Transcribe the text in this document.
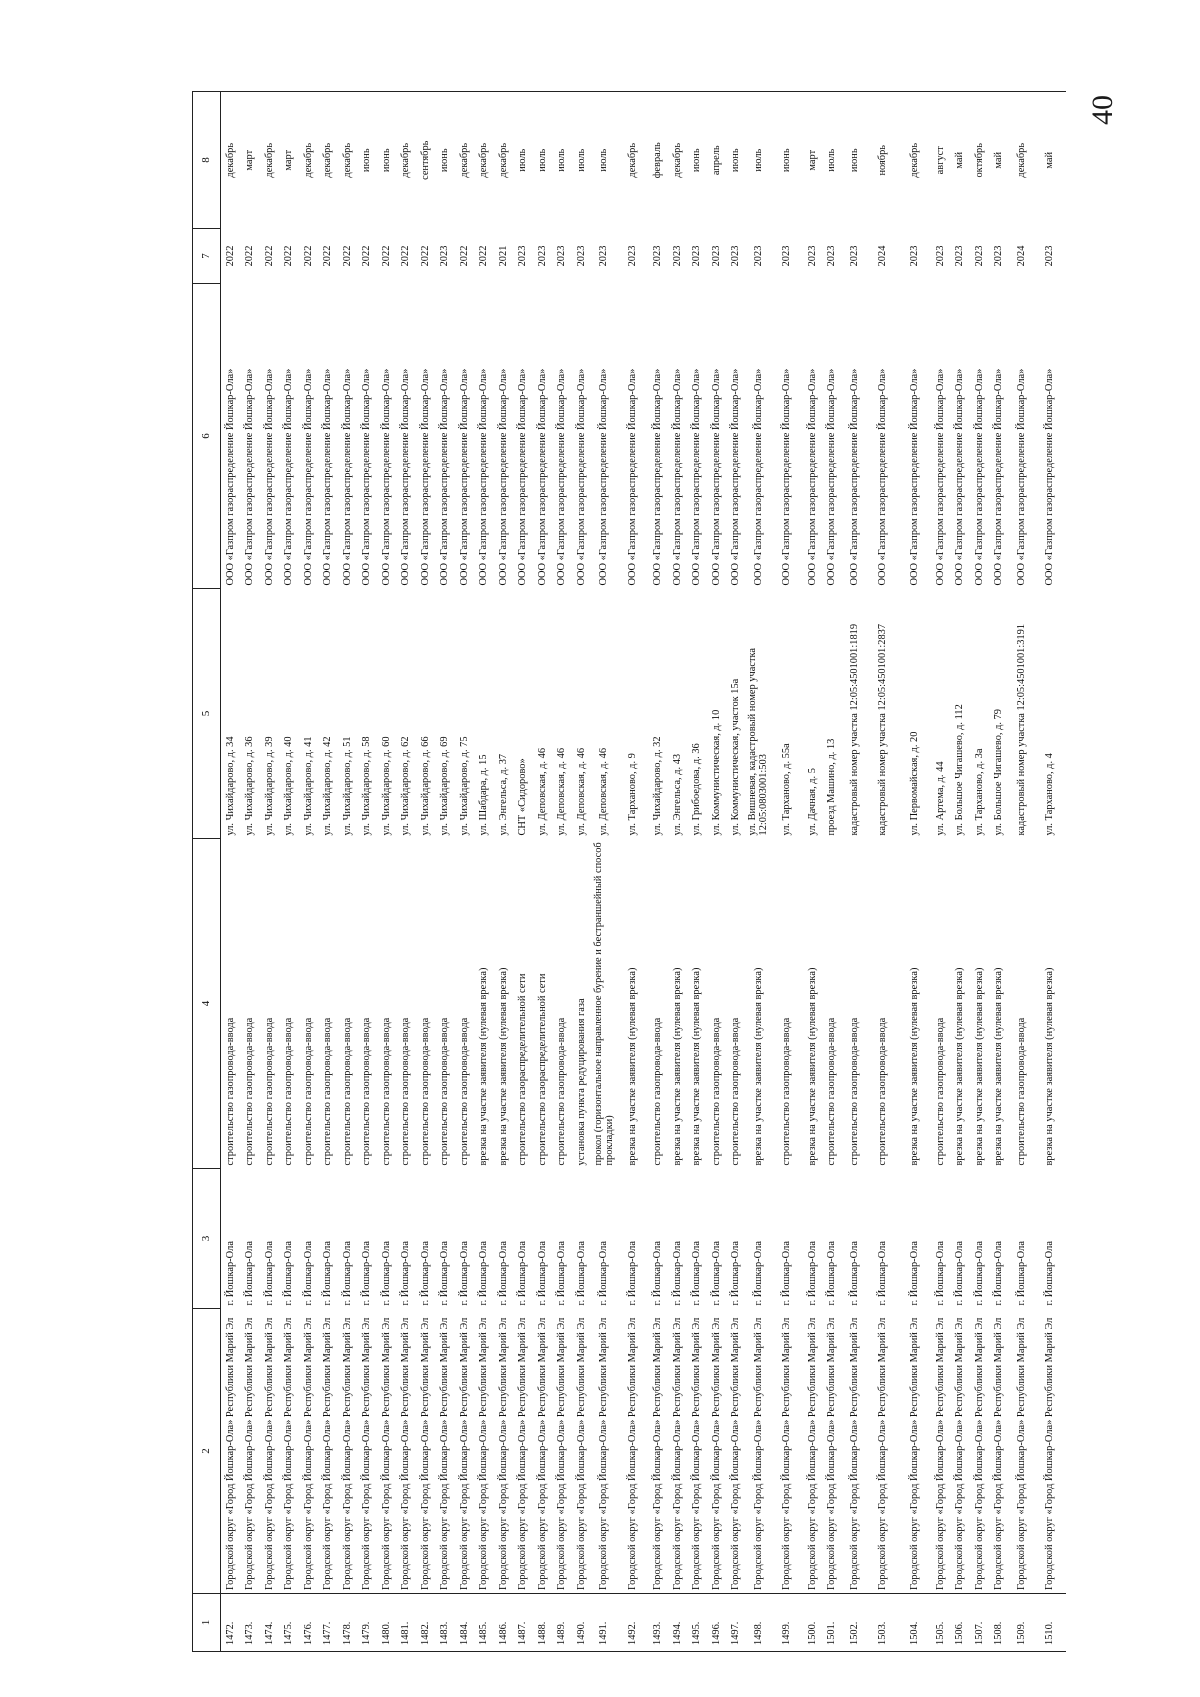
40
1	2	3	4	5	6	7	8
1472.	Городской округ «Город Йошкар-Ола» Республики Марий Эл	г. Йошкар-Ола	строительство газопровода-ввода	ул. Чихайдарово, д. 34	ООО «Газпром газораспределение Йошкар-Ола»	2022	декабрь
1473.	Городской округ «Город Йошкар-Ола» Республики Марий Эл	г. Йошкар-Ола	строительство газопровода-ввода	ул. Чихайдарово, д. 36	ООО «Газпром газораспределение Йошкар-Ола»	2022	март
1474.	Городской округ «Город Йошкар-Ола» Республики Марий Эл	г. Йошкар-Ола	строительство газопровода-ввода	ул. Чихайдарово, д. 39	ООО «Газпром газораспределение Йошкар-Ола»	2022	декабрь
1475.	Городской округ «Город Йошкар-Ола» Республики Марий Эл	г. Йошкар-Ола	строительство газопровода-ввода	ул. Чихайдарово, д. 40	ООО «Газпром газораспределение Йошкар-Ола»	2022	март
1476.	Городской округ «Город Йошкар-Ола» Республики Марий Эл	г. Йошкар-Ола	строительство газопровода-ввода	ул. Чихайдарово, д. 41	ООО «Газпром газораспределение Йошкар-Ола»	2022	декабрь
1477.	Городской округ «Город Йошкар-Ола» Республики Марий Эл	г. Йошкар-Ола	строительство газопровода-ввода	ул. Чихайдарово, д. 42	ООО «Газпром газораспределение Йошкар-Ола»	2022	декабрь
1478.	Городской округ «Город Йошкар-Ола» Республики Марий Эл	г. Йошкар-Ола	строительство газопровода-ввода	ул. Чихайдарово, д. 51	ООО «Газпром газораспределение Йошкар-Ола»	2022	декабрь
1479.	Городской округ «Город Йошкар-Ола» Республики Марий Эл	г. Йошкар-Ола	строительство газопровода-ввода	ул. Чихайдарово, д. 58	ООО «Газпром газораспределение Йошкар-Ола»	2022	июнь
1480.	Городской округ «Город Йошкар-Ола» Республики Марий Эл	г. Йошкар-Ола	строительство газопровода-ввода	ул. Чихайдарово, д. 60	ООО «Газпром газораспределение Йошкар-Ола»	2022	июнь
1481.	Городской округ «Город Йошкар-Ола» Республики Марий Эл	г. Йошкар-Ола	строительство газопровода-ввода	ул. Чихайдарово, д. 62	ООО «Газпром газораспределение Йошкар-Ола»	2022	декабрь
1482.	Городской округ «Город Йошкар-Ола» Республики Марий Эл	г. Йошкар-Ола	строительство газопровода-ввода	ул. Чихайдарово, д. 66	ООО «Газпром газораспределение Йошкар-Ола»	2022	сентябрь
1483.	Городской округ «Город Йошкар-Ола» Республики Марий Эл	г. Йошкар-Ола	строительство газопровода-ввода	ул. Чихайдарово, д. 69	ООО «Газпром газораспределение Йошкар-Ола»	2023	июнь
1484.	Городской округ «Город Йошкар-Ола» Республики Марий Эл	г. Йошкар-Ола	строительство газопровода-ввода	ул. Чихайдарово, д. 75	ООО «Газпром газораспределение Йошкар-Ола»	2022	декабрь
1485.	Городской округ «Город Йошкар-Ола» Республики Марий Эл	г. Йошкар-Ола	врезка на участке заявителя (нулевая врезка)	ул. Шабдара, д. 15	ООО «Газпром газораспределение Йошкар-Ола»	2022	декабрь
1486.	Городской округ «Город Йошкар-Ола» Республики Марий Эл	г. Йошкар-Ола	врезка на участке заявителя (нулевая врезка)	ул. Энгельса, д. 37	ООО «Газпром газораспределение Йошкар-Ола»	2021	декабрь
1487.	Городской округ «Город Йошкар-Ола» Республики Марий Эл	г. Йошкар-Ола	строительство газораспределительной сети	СНТ «Сидорово»	ООО «Газпром газораспределение Йошкар-Ола»	2023	июль
1488.	Городской округ «Город Йошкар-Ола» Республики Марий Эл	г. Йошкар-Ола	строительство газораспределительной сети	ул. Деповская, д. 46	ООО «Газпром газораспределение Йошкар-Ола»	2023	июль
1489.	Городской округ «Город Йошкар-Ола» Республики Марий Эл	г. Йошкар-Ола	строительство газопровода-ввода	ул. Деповская, д. 46	ООО «Газпром газораспределение Йошкар-Ола»	2023	июль
1490.	Городской округ «Город Йошкар-Ола» Республики Марий Эл	г. Йошкар-Ола	установка пункта редуцирования газа	ул. Деповская, д. 46	ООО «Газпром газораспределение Йошкар-Ола»	2023	июль
1491.	Городской округ «Город Йошкар-Ола» Республики Марий Эл	г. Йошкар-Ола	прокол (горизонтальное направленное бурение и бестраншейный способ прокладки)	ул. Деповская, д. 46	ООО «Газпром газораспределение Йошкар-Ола»	2023	июль
1492.	Городской округ «Город Йошкар-Ола» Республики Марий Эл	г. Йошкар-Ола	врезка на участке заявителя (нулевая врезка)	ул. Тарханово, д. 9	ООО «Газпром газораспределение Йошкар-Ола»	2023	декабрь
1493.	Городской округ «Город Йошкар-Ола» Республики Марий Эл	г. Йошкар-Ола	строительство газопровода-ввода	ул. Чихайдарово, д. 32	ООО «Газпром газораспределение Йошкар-Ола»	2023	февраль
1494.	Городской округ «Город Йошкар-Ола» Республики Марий Эл	г. Йошкар-Ола	врезка на участке заявителя (нулевая врезка)	ул. Энгельса, д. 43	ООО «Газпром газораспределение Йошкар-Ола»	2023	декабрь
1495.	Городской округ «Город Йошкар-Ола» Республики Марий Эл	г. Йошкар-Ола	врезка на участке заявителя (нулевая врезка)	ул. Грибоедова, д. 36	ООО «Газпром газораспределение Йошкар-Ола»	2023	июнь
1496.	Городской округ «Город Йошкар-Ола» Республики Марий Эл	г. Йошкар-Ола	строительство газопровода-ввода	ул. Коммунистическая, д. 10	ООО «Газпром газораспределение Йошкар-Ола»	2023	апрель
1497.	Городской округ «Город Йошкар-Ола» Республики Марий Эл	г. Йошкар-Ола	строительство газопровода-ввода	ул. Коммунистическая, участок 15а	ООО «Газпром газораспределение Йошкар-Ола»	2023	июнь
1498.	Городской округ «Город Йошкар-Ола» Республики Марий Эл	г. Йошкар-Ола	врезка на участке заявителя (нулевая врезка)	ул. Вишневая, кадастровый номер участка 12:05:0803001:503	ООО «Газпром газораспределение Йошкар-Ола»	2023	июль
1499.	Городской округ «Город Йошкар-Ола» Республики Марий Эл	г. Йошкар-Ола	строительство газопровода-ввода	ул. Тарханово, д. 55а	ООО «Газпром газораспределение Йошкар-Ола»	2023	июнь
1500.	Городской округ «Город Йошкар-Ола» Республики Марий Эл	г. Йошкар-Ола	врезка на участке заявителя (нулевая врезка)	ул. Дачная, д. 5	ООО «Газпром газораспределение Йошкар-Ола»	2023	март
1501.	Городской округ «Город Йошкар-Ола» Республики Марий Эл	г. Йошкар-Ола	строительство газопровода-ввода	проезд Машино, д. 13	ООО «Газпром газораспределение Йошкар-Ола»	2023	июль
1502.	Городской округ «Город Йошкар-Ола» Республики Марий Эл	г. Йошкар-Ола	строительство газопровода-ввода	кадастровый номер участка 12:05:4501001:1819	ООО «Газпром газораспределение Йошкар-Ола»	2023	июнь
1503.	Городской округ «Город Йошкар-Ола» Республики Марий Эл	г. Йошкар-Ола	строительство газопровода-ввода	кадастровый номер участка 12:05:4501001:2837	ООО «Газпром газораспределение Йошкар-Ола»	2024	ноябрь
1504.	Городской округ «Город Йошкар-Ола» Республики Марий Эл	г. Йошкар-Ола	врезка на участке заявителя (нулевая врезка)	ул. Первомайская, д. 20	ООО «Газпром газораспределение Йошкар-Ола»	2023	декабрь
1505.	Городской округ «Город Йошкар-Ола» Республики Марий Эл	г. Йошкар-Ола	строительство газопровода-ввода	ул. Артема, д. 44	ООО «Газпром газораспределение Йошкар-Ола»	2023	август
1506.	Городской округ «Город Йошкар-Ола» Республики Марий Эл	г. Йошкар-Ола	врезка на участке заявителя (нулевая врезка)	ул. Большое Чигашево, д. 112	ООО «Газпром газораспределение Йошкар-Ола»	2023	май
1507.	Городской округ «Город Йошкар-Ола» Республики Марий Эл	г. Йошкар-Ола	врезка на участке заявителя (нулевая врезка)	ул. Тарханово, д. 3а	ООО «Газпром газораспределение Йошкар-Ола»	2023	октябрь
1508.	Городской округ «Город Йошкар-Ола» Республики Марий Эл	г. Йошкар-Ола	врезка на участке заявителя (нулевая врезка)	ул. Большое Чигашево, д. 79	ООО «Газпром газораспределение Йошкар-Ола»	2023	май
1509.	Городской округ «Город Йошкар-Ола» Республики Марий Эл	г. Йошкар-Ола	строительство газопровода-ввода	кадастровый номер участка 12:05:4501001:3191	ООО «Газпром газораспределение Йошкар-Ола»	2024	декабрь
1510.	Городской округ «Город Йошкар-Ола» Республики Марий Эл	г. Йошкар-Ола	врезка на участке заявителя (нулевая врезка)	ул. Тарханово, д. 4	ООО «Газпром газораспределение Йошкар-Ола»	2023	май
